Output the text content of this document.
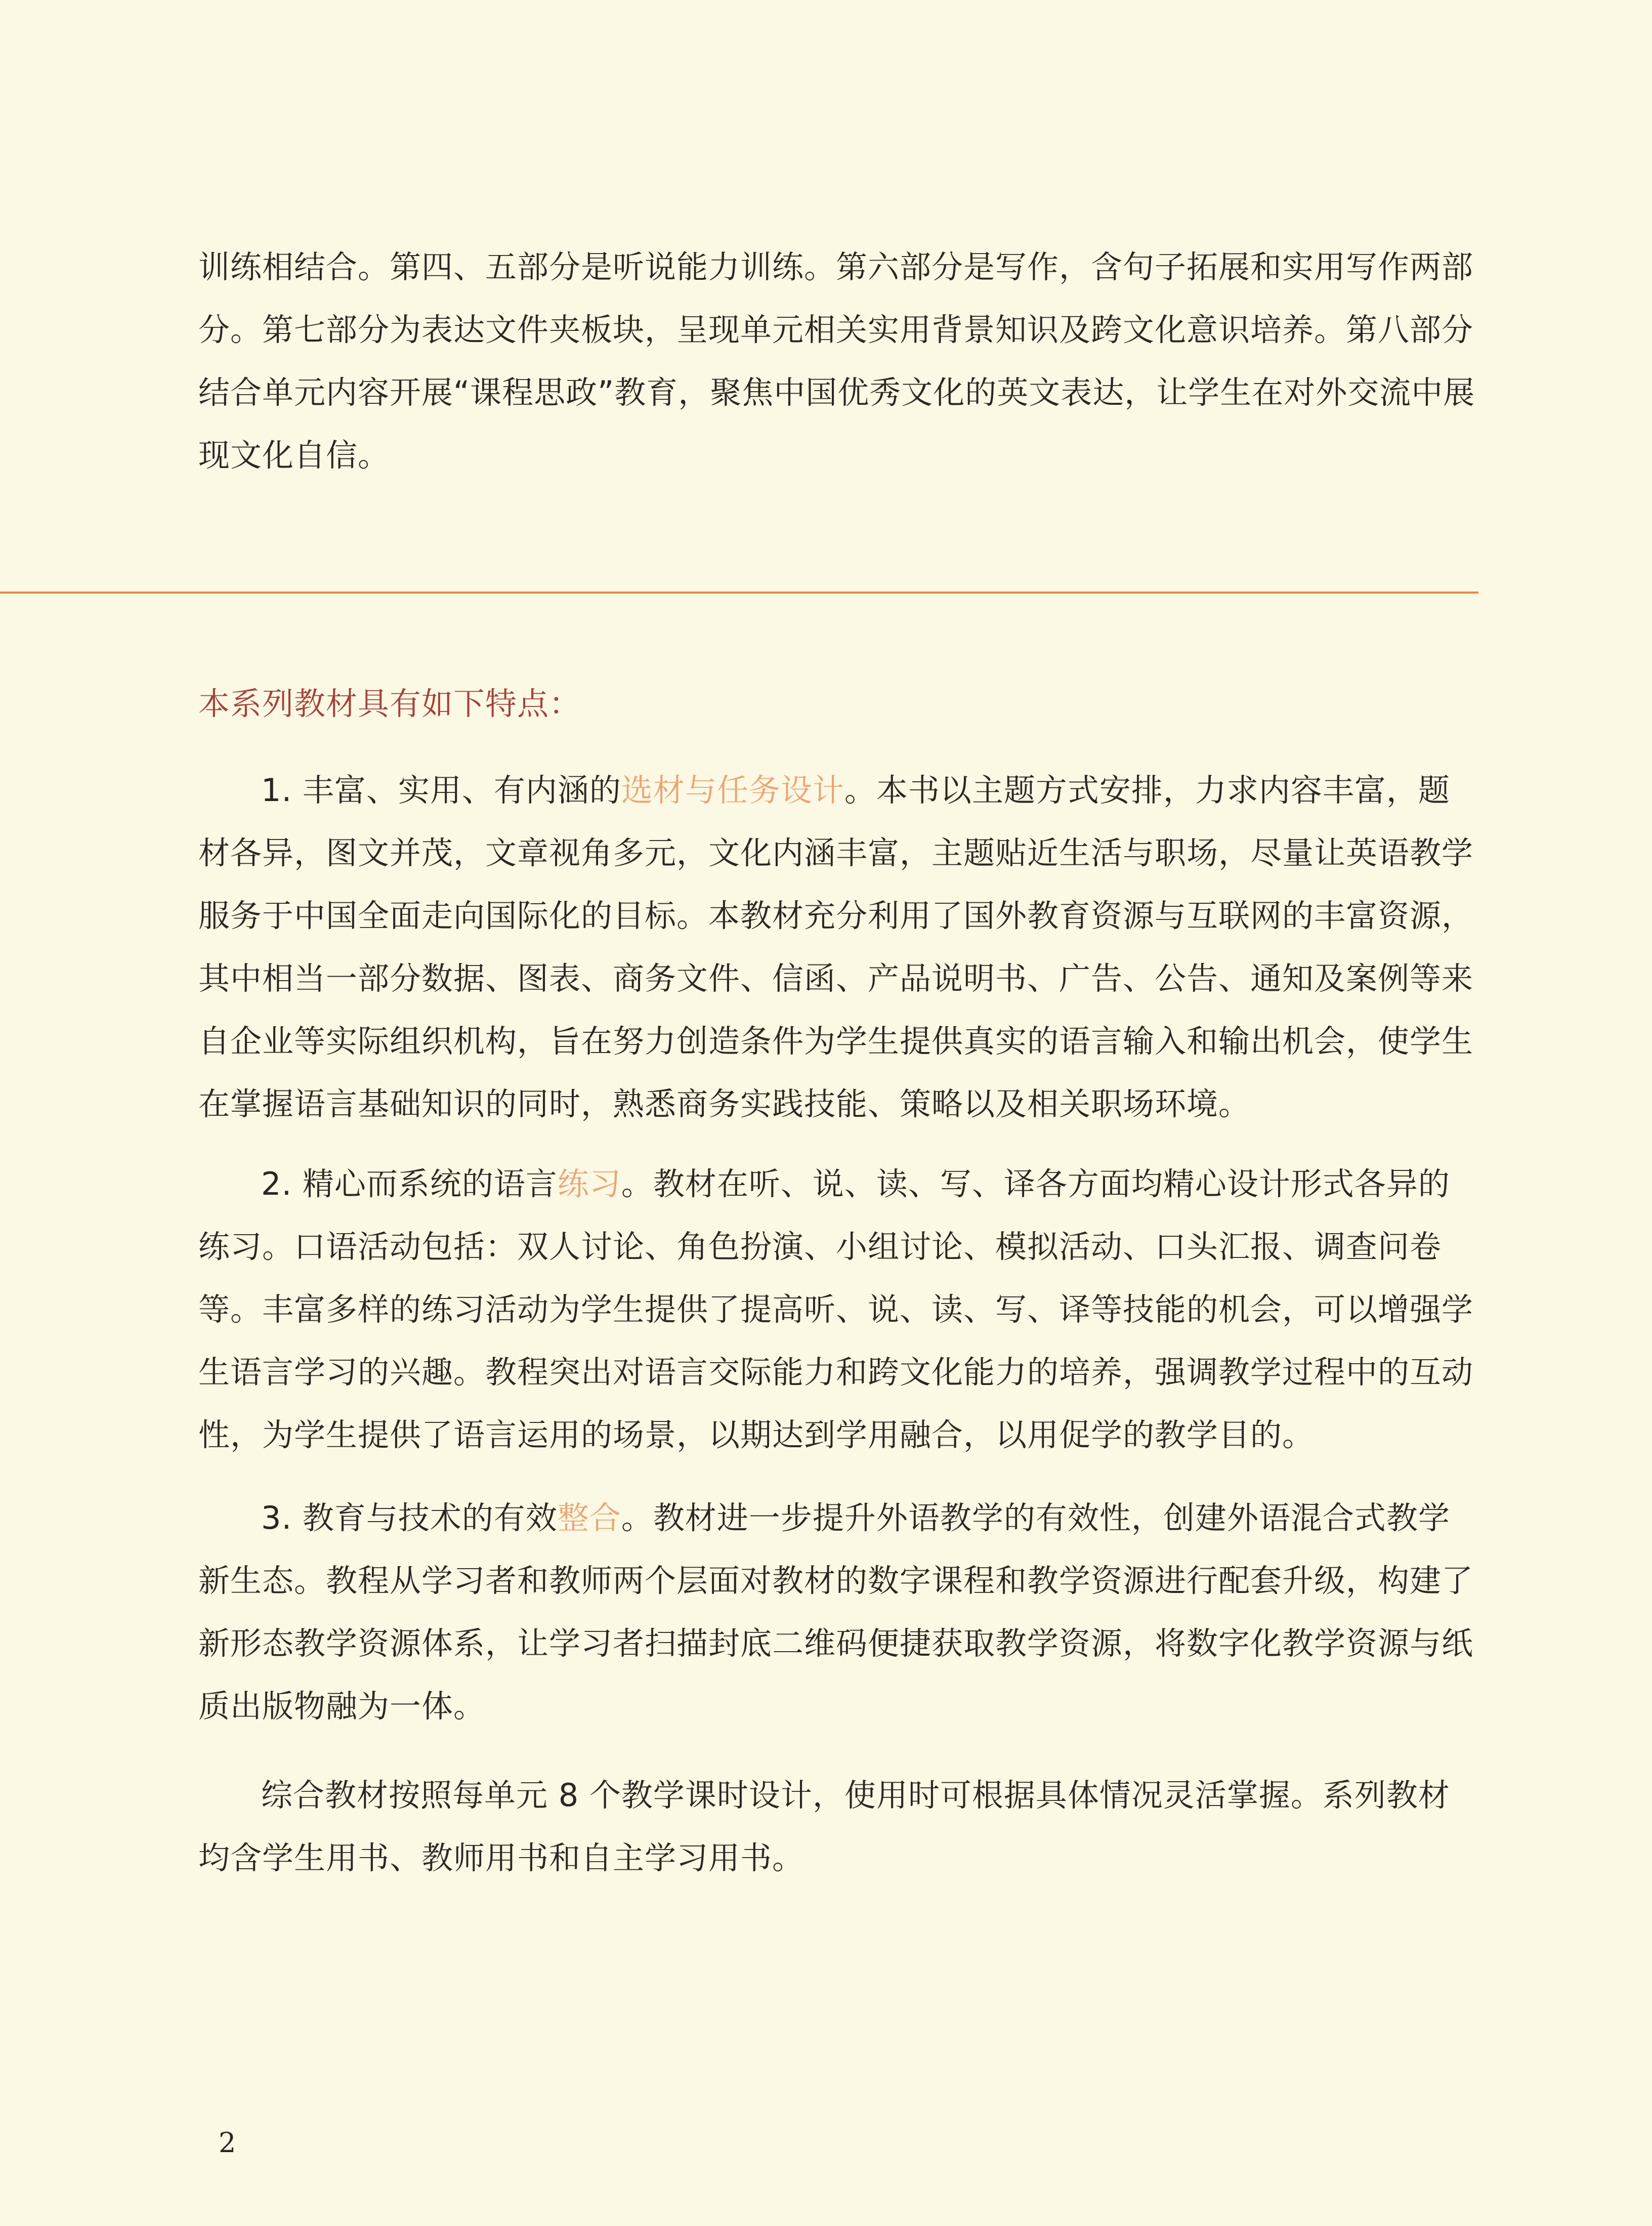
训练相结合。第四、五部分是听说能力训练。第六部分是写作，含句子拓展和实用写作两部分。第七部分为表达文件夹板块，呈现单元相关实用背景知识及跨文化意识培养。第八部分结合单元内容开展“课程思政”教育，聚焦中国优秀文化的英文表达，让学生在对外交流中展现文化自信。

本系列教材具有如下特点：

1. 丰富、实用、有内涵的选材与任务设计。本书以主题方式安排，力求内容丰富，题材各异，图文并茂，文章视角多元，文化内涵丰富，主题贴近生活与职场，尽量让英语教学服务于中国全面走向国际化的目标。本教材充分利用了国外教育资源与互联网的丰富资源，其中相当一部分数据、图表、商务文件、信函、产品说明书、广告、公告、通知及案例等来自企业等实际组织机构，旨在努力创造条件为学生提供真实的语言输入和输出机会，使学生在掌握语言基础知识的同时，熟悉商务实践技能、策略以及相关职场环境。

2. 精心而系统的语言练习。教材在听、说、读、写、译各方面均精心设计形式各异的练习。口语活动包括：双人讨论、角色扮演、小组讨论、模拟活动、口头汇报、调查问卷等。丰富多样的练习活动为学生提供了提高听、说、读、写、译等技能的机会，可以增强学生语言学习的兴趣。教程突出对语言交际能力和跨文化能力的培养，强调教学过程中的互动性，为学生提供了语言运用的场景，以期达到学用融合，以用促学的教学目的。

3. 教育与技术的有效整合。教材进一步提升外语教学的有效性，创建外语混合式教学新生态。教程从学习者和教师两个层面对教材的数字课程和教学资源进行配套升级，构建了新形态教学资源体系，让学习者扫描封底二维码便捷获取教学资源，将数字化教学资源与纸质出版物融为一体。

综合教材按照每单元 8 个教学课时设计，使用时可根据具体情况灵活掌握。系列教材均含学生用书、教师用书和自主学习用书。

2
